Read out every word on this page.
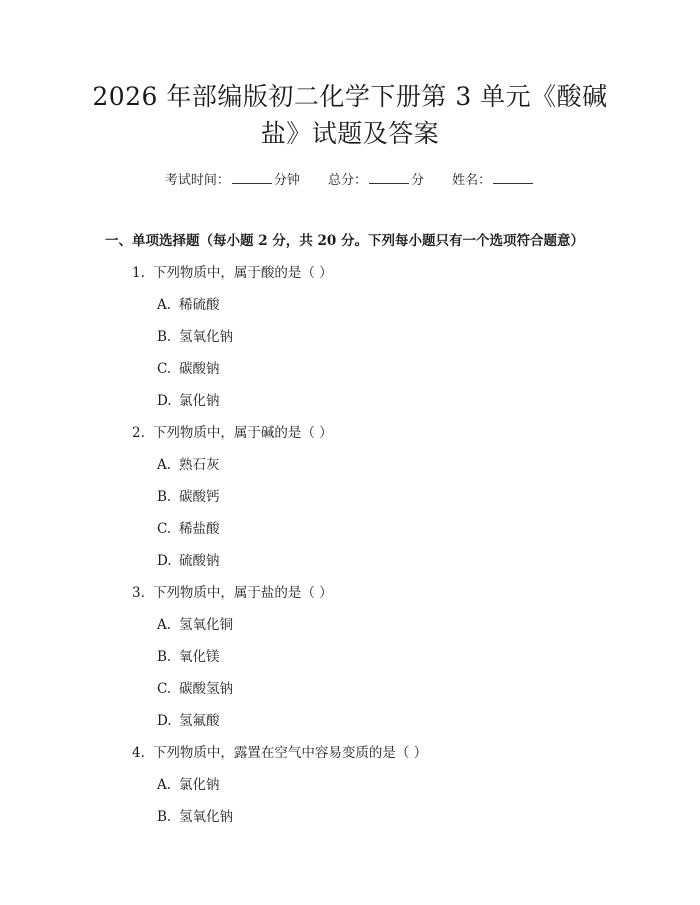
2026 年部编版初二化学下册第 3 单元《酸碱
盐》试题及答案
考试时间：	分钟 总分：	分 姓名：
一、单项选择题（每小题 2 分，共 20 分。下列每小题只有一个选项符合题意）
1. 下列物质中，属于酸的是（ ）
A. 稀硫酸
B. 氢氧化钠
C. 碳酸钠
D. 氯化钠
2. 下列物质中，属于碱的是（ ）
A. 熟石灰
B. 碳酸钙
C. 稀盐酸
D. 硫酸钠
3. 下列物质中，属于盐的是（ ）
A. 氢氧化铜
B. 氧化镁
C. 碳酸氢钠
D. 氢氟酸
4. 下列物质中，露置在空气中容易变质的是（ ）
A. 氯化钠
B. 氢氧化钠
